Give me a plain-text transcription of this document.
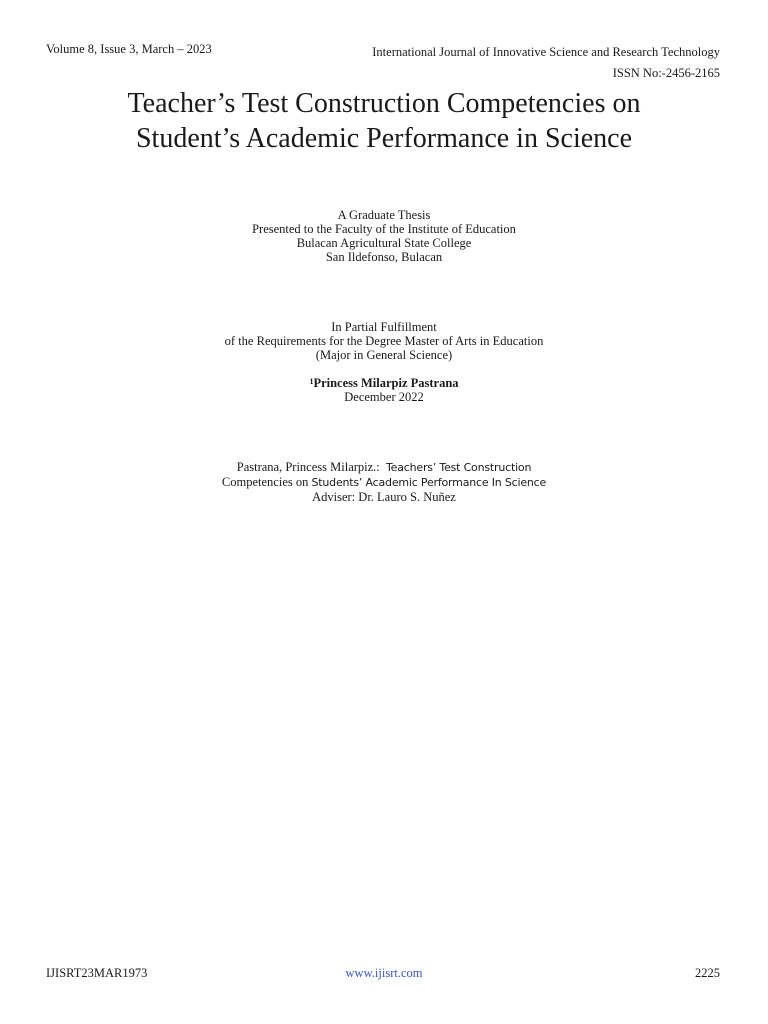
Volume 8, Issue 3, March – 2023	International Journal of Innovative Science and Research Technology
ISSN No:-2456-2165
Teacher’s Test Construction Competencies on
Student’s Academic Performance in Science
A Graduate Thesis
Presented to the Faculty of the Institute of Education
Bulacan Agricultural State College
San Ildefonso, Bulacan
In Partial Fulfillment
of the Requirements for the Degree Master of Arts in Education
(Major in General Science)
$^1$Princess Milarpiz Pastrana
December 2022
Pastrana, Princess Milarpiz.: Teachers’ Test Construction
Competencies on Students’ Academic Performance In Science
Adviser: Dr. Lauro S. Nuñez
IJISRT23MAR1973	www.ijisrt.com	2225
